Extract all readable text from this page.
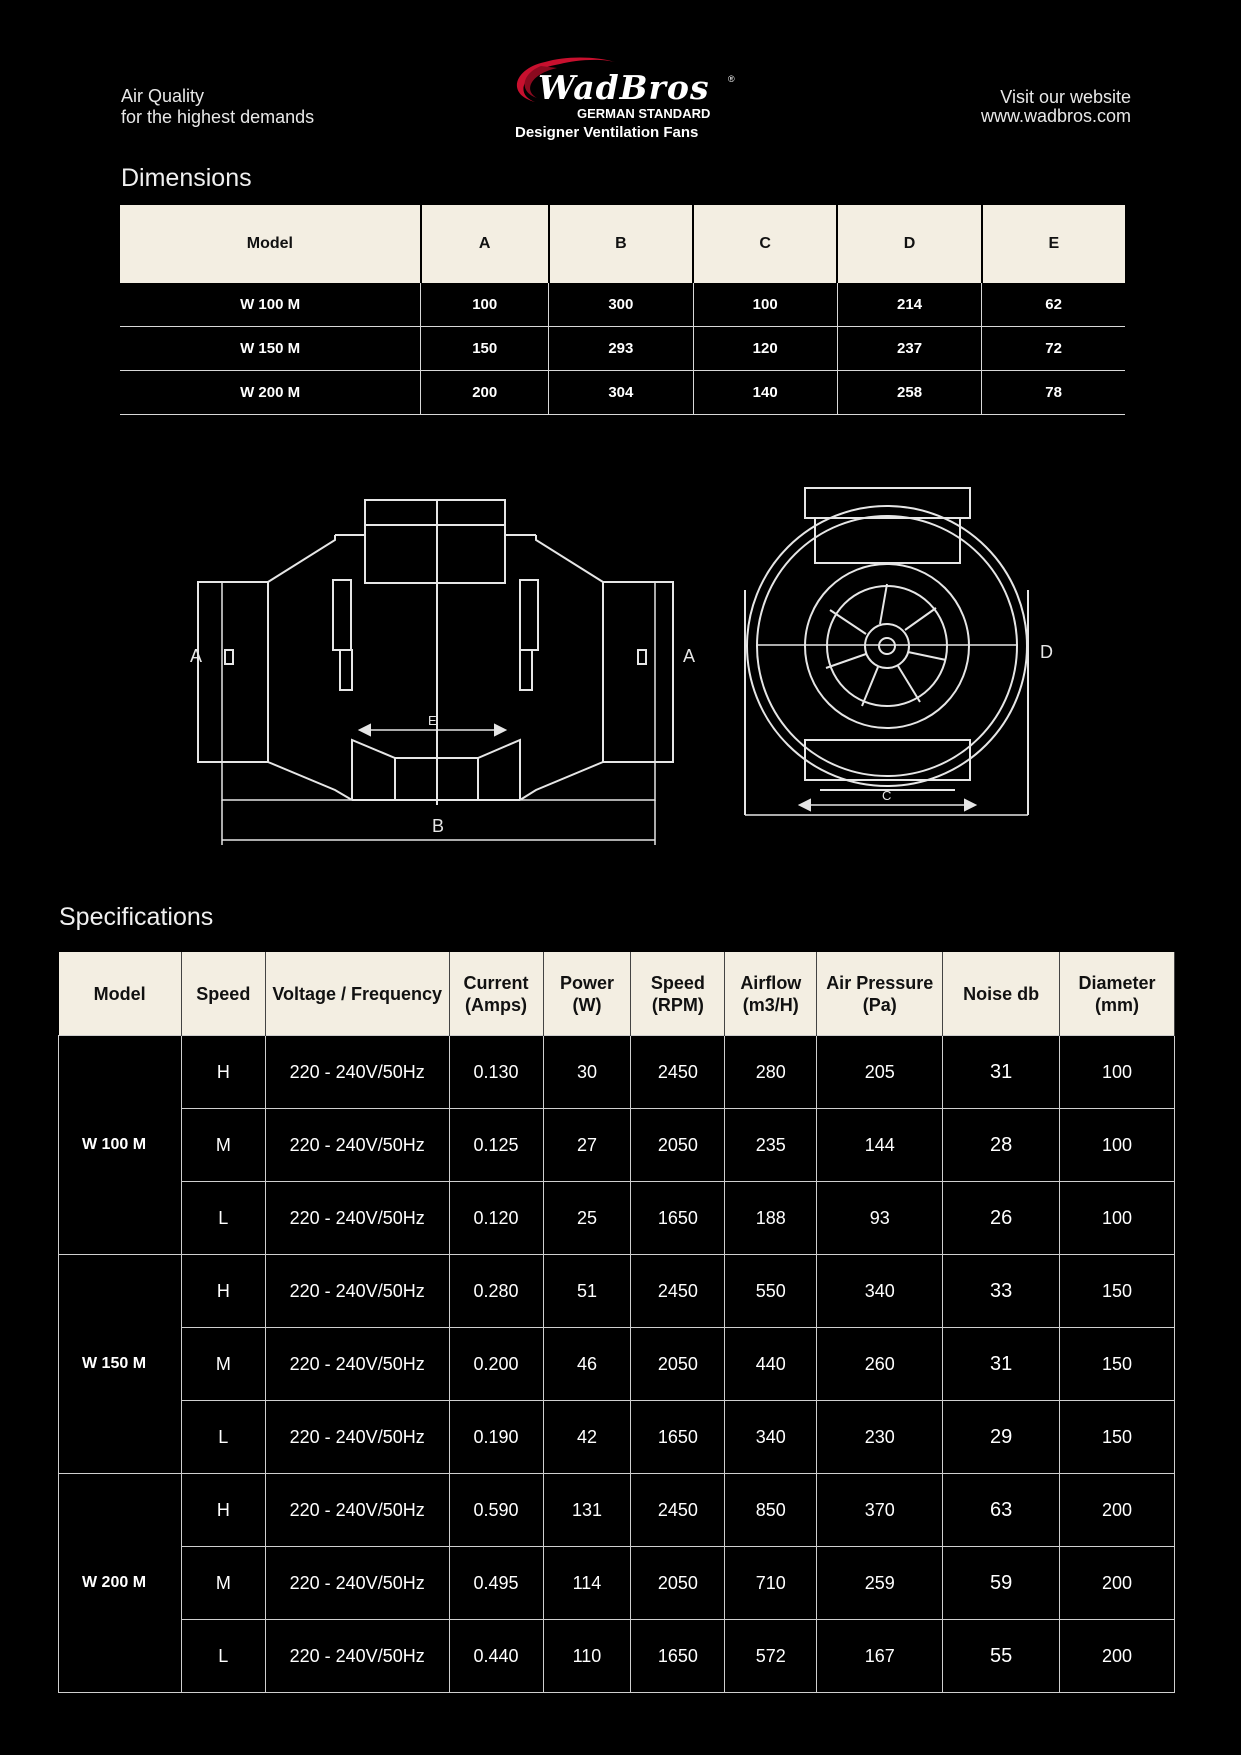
Air Quality
for the highest demands
WadBros ®
GERMAN STANDARD
Designer Ventilation Fans
Visit our website
www.wadbros.com
Dimensions
Model	A	B	C	D	E
W 100 M	100	300	100	214	62
W 150 M	150	293	120	237	72
W 200 M	200	304	140	258	78
A	A
E
B
C
D
Specifications
Model	Speed	Voltage / Frequency	Current (Amps)	Power (W)	Speed (RPM)	Airflow (m3/H)	Air Pressure (Pa)	Noise db	Diameter (mm)
W 100 M	H	220 - 240V/50Hz	0.130	30	2450	280	205	31	100
	M	220 - 240V/50Hz	0.125	27	2050	235	144	28	100
	L	220 - 240V/50Hz	0.120	25	1650	188	93	26	100
W 150 M	H	220 - 240V/50Hz	0.280	51	2450	550	340	33	150
	M	220 - 240V/50Hz	0.200	46	2050	440	260	31	150
	L	220 - 240V/50Hz	0.190	42	1650	340	230	29	150
W 200 M	H	220 - 240V/50Hz	0.590	131	2450	850	370	63	200
	M	220 - 240V/50Hz	0.495	114	2050	710	259	59	200
	L	220 - 240V/50Hz	0.440	110	1650	572	167	55	200
